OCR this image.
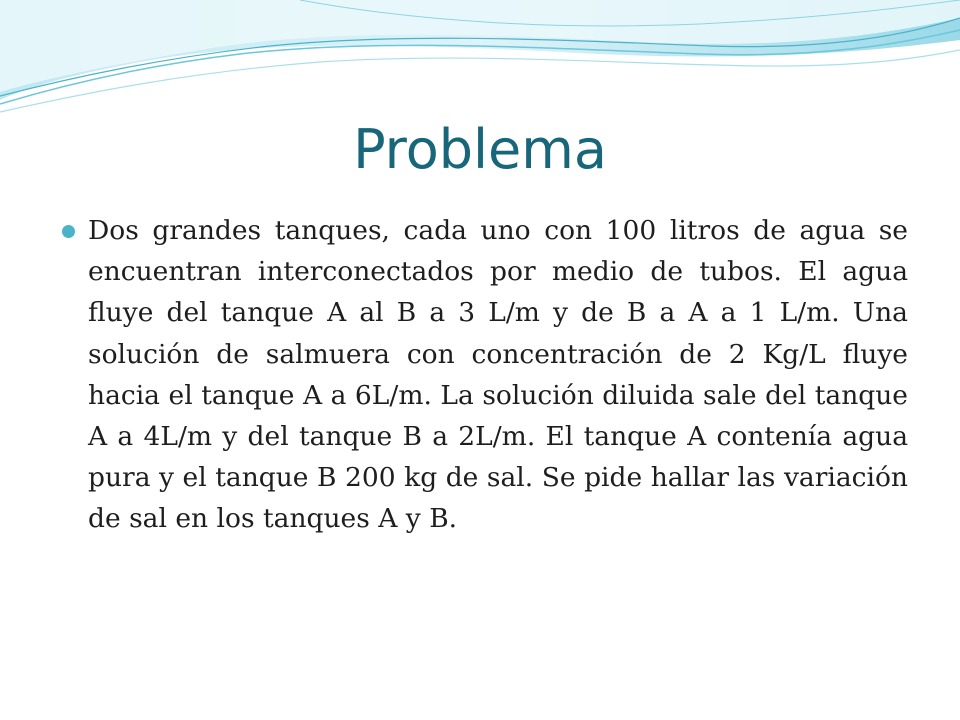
Problema

Dos grandes tanques, cada uno con 100 litros de agua se encuentran interconectados por medio de tubos. El agua fluye del tanque A al B a 3 L/m y de B a A a 1 L/m. Una solución de salmuera con concentración de 2 Kg/L fluye hacia el tanque A a 6L/m. La solución diluida sale del tanque A a 4L/m y del tanque B a 2L/m. El tanque A contenía agua pura y el tanque B 200 kg de sal. Se pide hallar las variación de sal en los tanques A y B.
